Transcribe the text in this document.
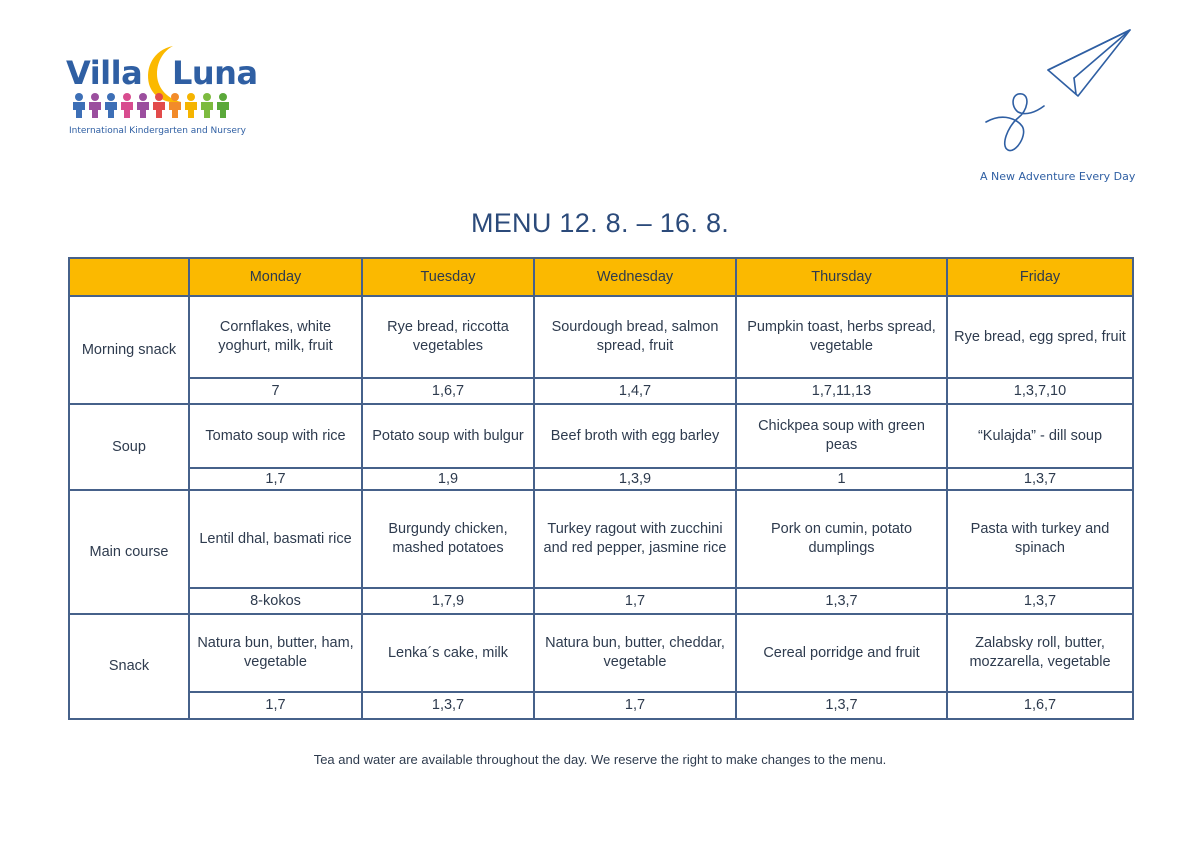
Villa Luna
International Kindergarten and Nursery
A New Adventure Every Day
MENU 12. 8. – 16. 8.
	Monday	Tuesday	Wednesday	Thursday	Friday
Morning snack	Cornflakes, white yoghurt, milk, fruit	Rye bread, riccotta vegetables	Sourdough bread, salmon spread, fruit	Pumpkin toast, herbs spread, vegetable	Rye bread, egg spred, fruit
	7	1,6,7	1,4,7	1,7,11,13	1,3,7,10
Soup	Tomato soup with rice	Potato soup with bulgur	Beef broth with egg barley	Chickpea soup with green peas	“Kulajda” - dill soup
	1,7	1,9	1,3,9	1	1,3,7
Main course	Lentil dhal, basmati rice	Burgundy chicken, mashed potatoes	Turkey ragout with zucchini and red pepper, jasmine rice	Pork on cumin, potato dumplings	Pasta with turkey and spinach
	8-kokos	1,7,9	1,7	1,3,7	1,3,7
Snack	Natura bun, butter, ham, vegetable	Lenka´s cake, milk	Natura bun, butter, cheddar, vegetable	Cereal porridge and fruit	Zalabsky roll, butter, mozzarella, vegetable
	1,7	1,3,7	1,7	1,3,7	1,6,7
Tea and water are available throughout the day. We reserve the right to make changes to the menu.
